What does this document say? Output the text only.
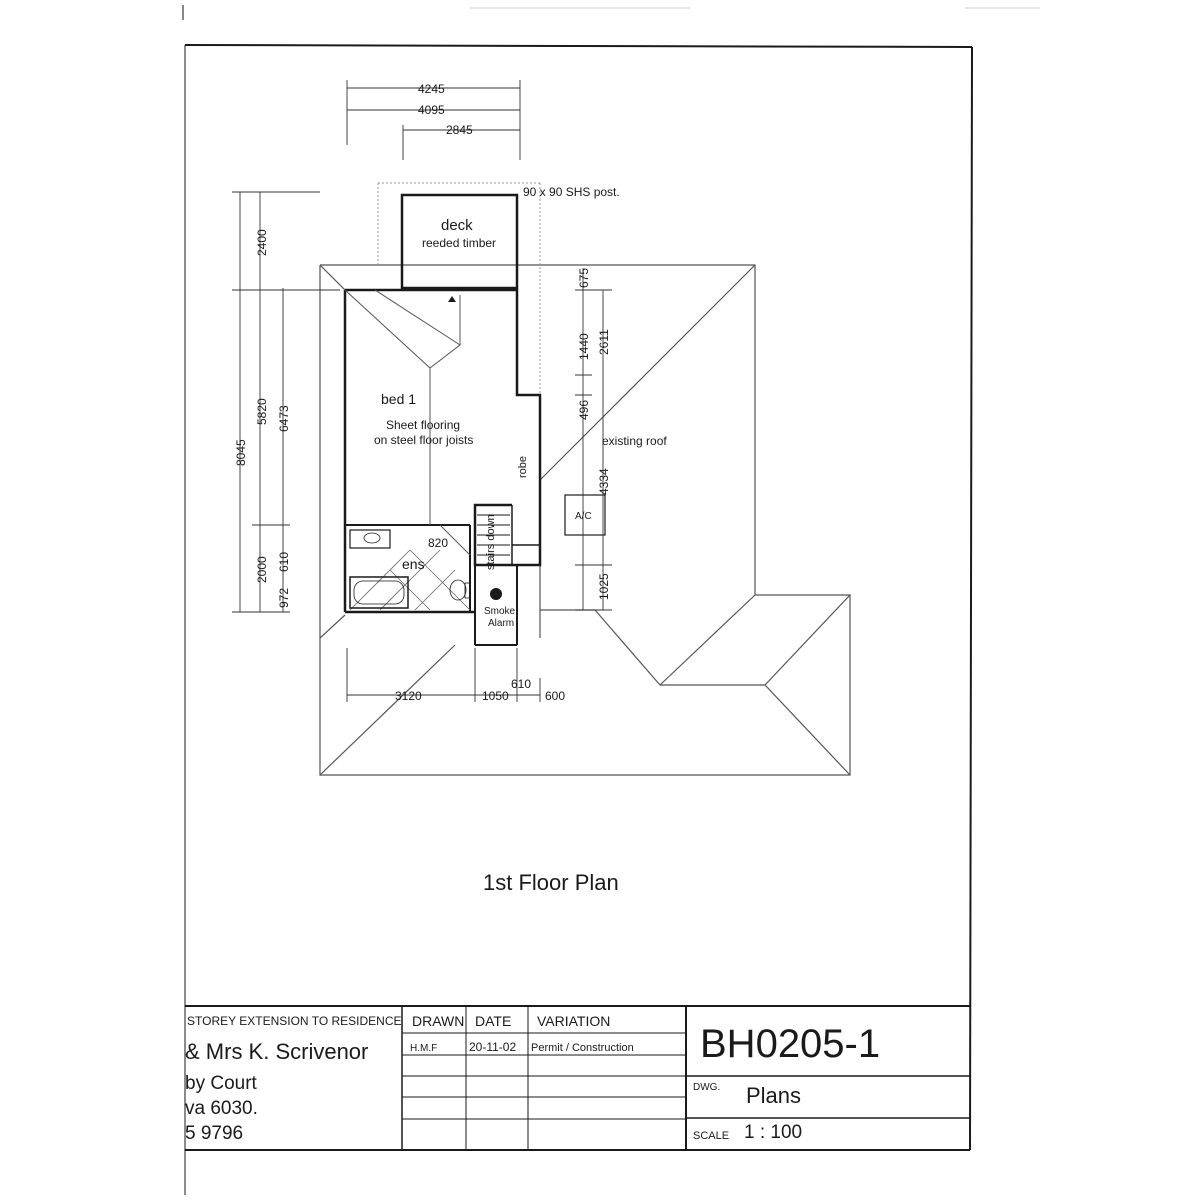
4245
4095
2845
90 x 90 SHS post.
deck
reeded timber
bed 1
Sheet flooring
on steel floor joists
robe
stairs down
ens
820
Smoke
Alarm
existing roof
A/C
2400
8045
5820 6473
2000
972
610
675
1440 2611
496
4334
1025
3120	1050
610
600
1st Floor Plan
STOREY EXTENSION TO RESIDENCE
& Mrs K. Scrivenor
by Court
va 6030.
5 9796
DRAWN DATE VARIATION
H.M.F	20-11-02 Permit / Construction BH0205-1
DWG. Plans
SCALE 1 : 100
